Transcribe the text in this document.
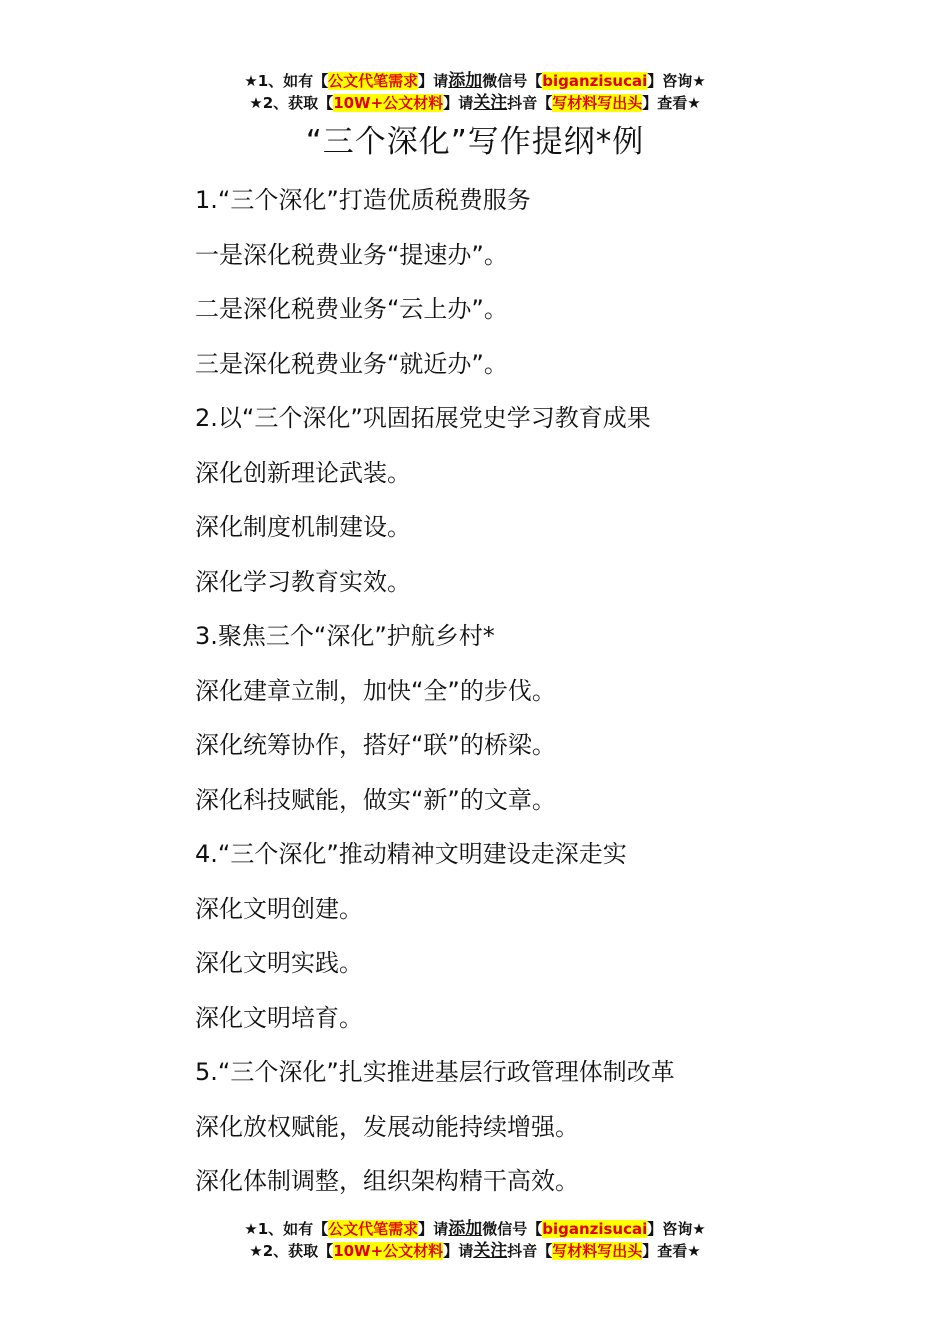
★1、如有【公文代笔需求】请添加微信号【biganzisucai】咨询★
★2、获取【10W+公文材料】请关注抖音【写材料写出头】查看★
“三个深化”写作提纲*例
1.“三个深化”打造优质税费服务
一是深化税费业务“提速办”。
二是深化税费业务“云上办”。
三是深化税费业务“就近办”。
2.以“三个深化”巩固拓展党史学习教育成果
深化创新理论武装。
深化制度机制建设。
深化学习教育实效。
3.聚焦三个“深化”护航乡村*
深化建章立制，加快“全”的步伐。
深化统筹协作，搭好“联”的桥梁。
深化科技赋能，做实“新”的文章。
4.“三个深化”推动精神文明建设走深走实
深化文明创建。
深化文明实践。
深化文明培育。
5.“三个深化”扎实推进基层行政管理体制改革
深化放权赋能，发展动能持续增强。
深化体制调整，组织架构精干高效。
★1、如有【公文代笔需求】请添加微信号【biganzisucai】咨询★
★2、获取【10W+公文材料】请关注抖音【写材料写出头】查看★
